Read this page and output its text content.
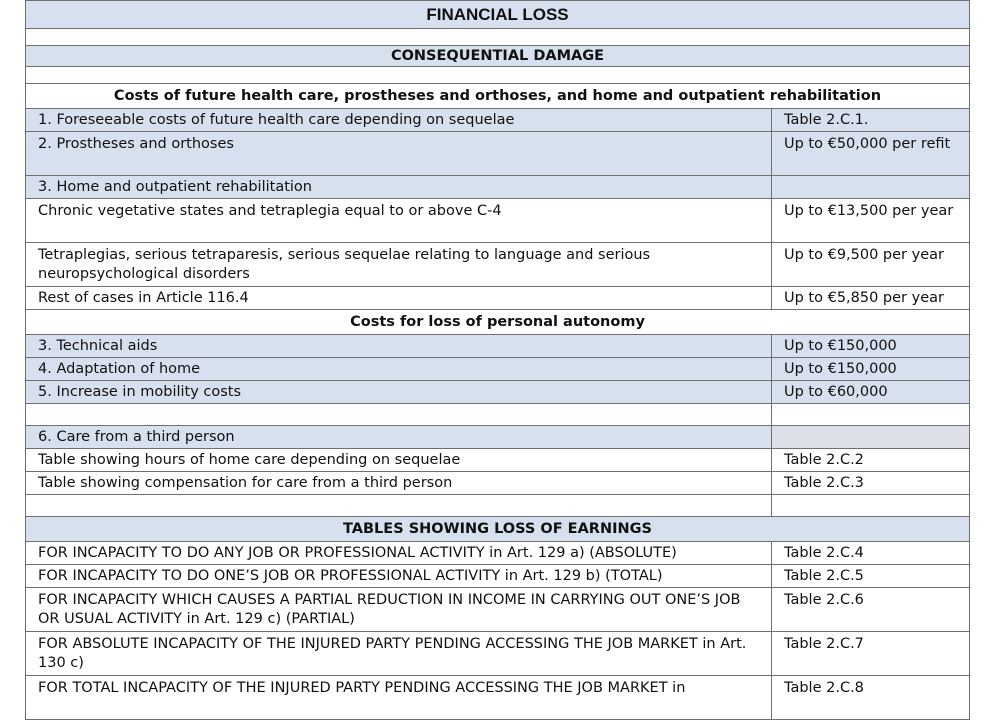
FINANCIAL LOSS	

CONSEQUENTIAL DAMAGE	

Costs of future health care, prostheses and orthoses, and home and outpatient rehabilitation	
1. Foreseeable costs of future health care depending on sequelae	Table 2.C.1.
2. Prostheses and orthoses	Up to €50,000 per refit
3. Home and outpatient rehabilitation	
Chronic vegetative states and tetraplegia equal to or above C-4	Up to €13,500 per year
Tetraplegias, serious tetraparesis, serious sequelae relating to language and serious neuropsychological disorders	Up to €9,500 per year
Rest of cases in Article 116.4	Up to €5,850 per year
Costs for loss of personal autonomy	
3. Technical aids	Up to €150,000
4. Adaptation of home	Up to €150,000
5. Increase in mobility costs	Up to €60,000

6. Care from a third person	
Table showing hours of home care depending on sequelae	Table 2.C.2
Table showing compensation for care from a third person	Table 2.C.3

TABLES SHOWING LOSS OF EARNINGS	
FOR INCAPACITY TO DO ANY JOB OR PROFESSIONAL ACTIVITY in Art. 129 a) (ABSOLUTE)	Table 2.C.4
FOR INCAPACITY TO DO ONE’S JOB OR PROFESSIONAL ACTIVITY in Art. 129 b) (TOTAL)	Table 2.C.5
FOR INCAPACITY WHICH CAUSES A PARTIAL REDUCTION IN INCOME IN CARRYING OUT ONE’S JOB OR USUAL ACTIVITY in Art. 129 c) (PARTIAL)	Table 2.C.6
FOR ABSOLUTE INCAPACITY OF THE INJURED PARTY PENDING ACCESSING THE JOB MARKET in Art. 130 c)	Table 2.C.7
FOR TOTAL INCAPACITY OF THE INJURED PARTY PENDING ACCESSING THE JOB MARKET in	Table 2.C.8
